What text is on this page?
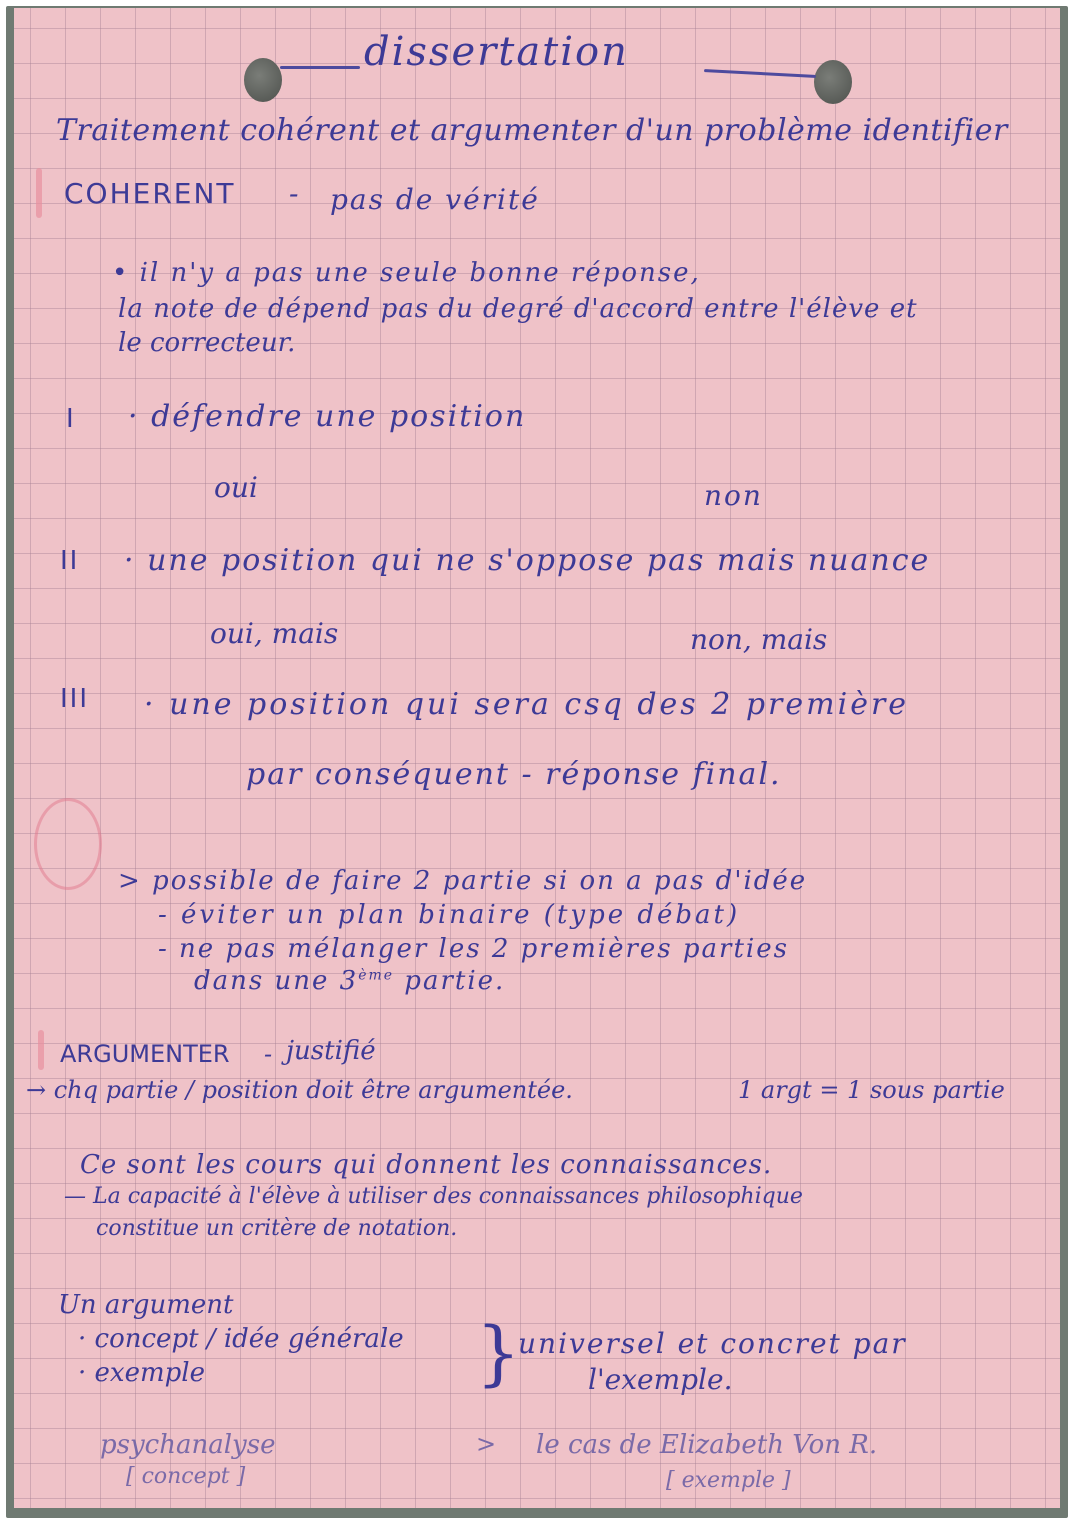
dissertation
Traitement cohérent et argumenter d'un problème identifier
COHERENT - pas de vérité
• il n'y a pas une seule bonne réponse,
la note de dépend pas du degré d'accord entre l'élève et
le correcteur.
I · défendre une position
oui	non
II · une position qui ne s'oppose pas mais nuance
oui, mais	non, mais
III · une position qui sera csq des 2 première
par conséquent - réponse final.
> possible de faire 2 partie si on a pas d'idée
- éviter un plan binaire (type débat)
- ne pas mélanger les 2 premières parties
dans une 3ème partie.
ARGUMENTER - justifié
→ chq partie / position doit être argumentée.	1 argt = 1 sous partie
Ce sont les cours qui donnent les connaissances.
— La capacité à l'élève à utiliser des connaissances philosophique
constitue un critère de notation.
Un argument
· concept / idée générale
· exemple	}
universel et concret par
l'exemple.
psychanalyse
[ concept ]
> le cas de Elizabeth Von R.
[ exemple ]
